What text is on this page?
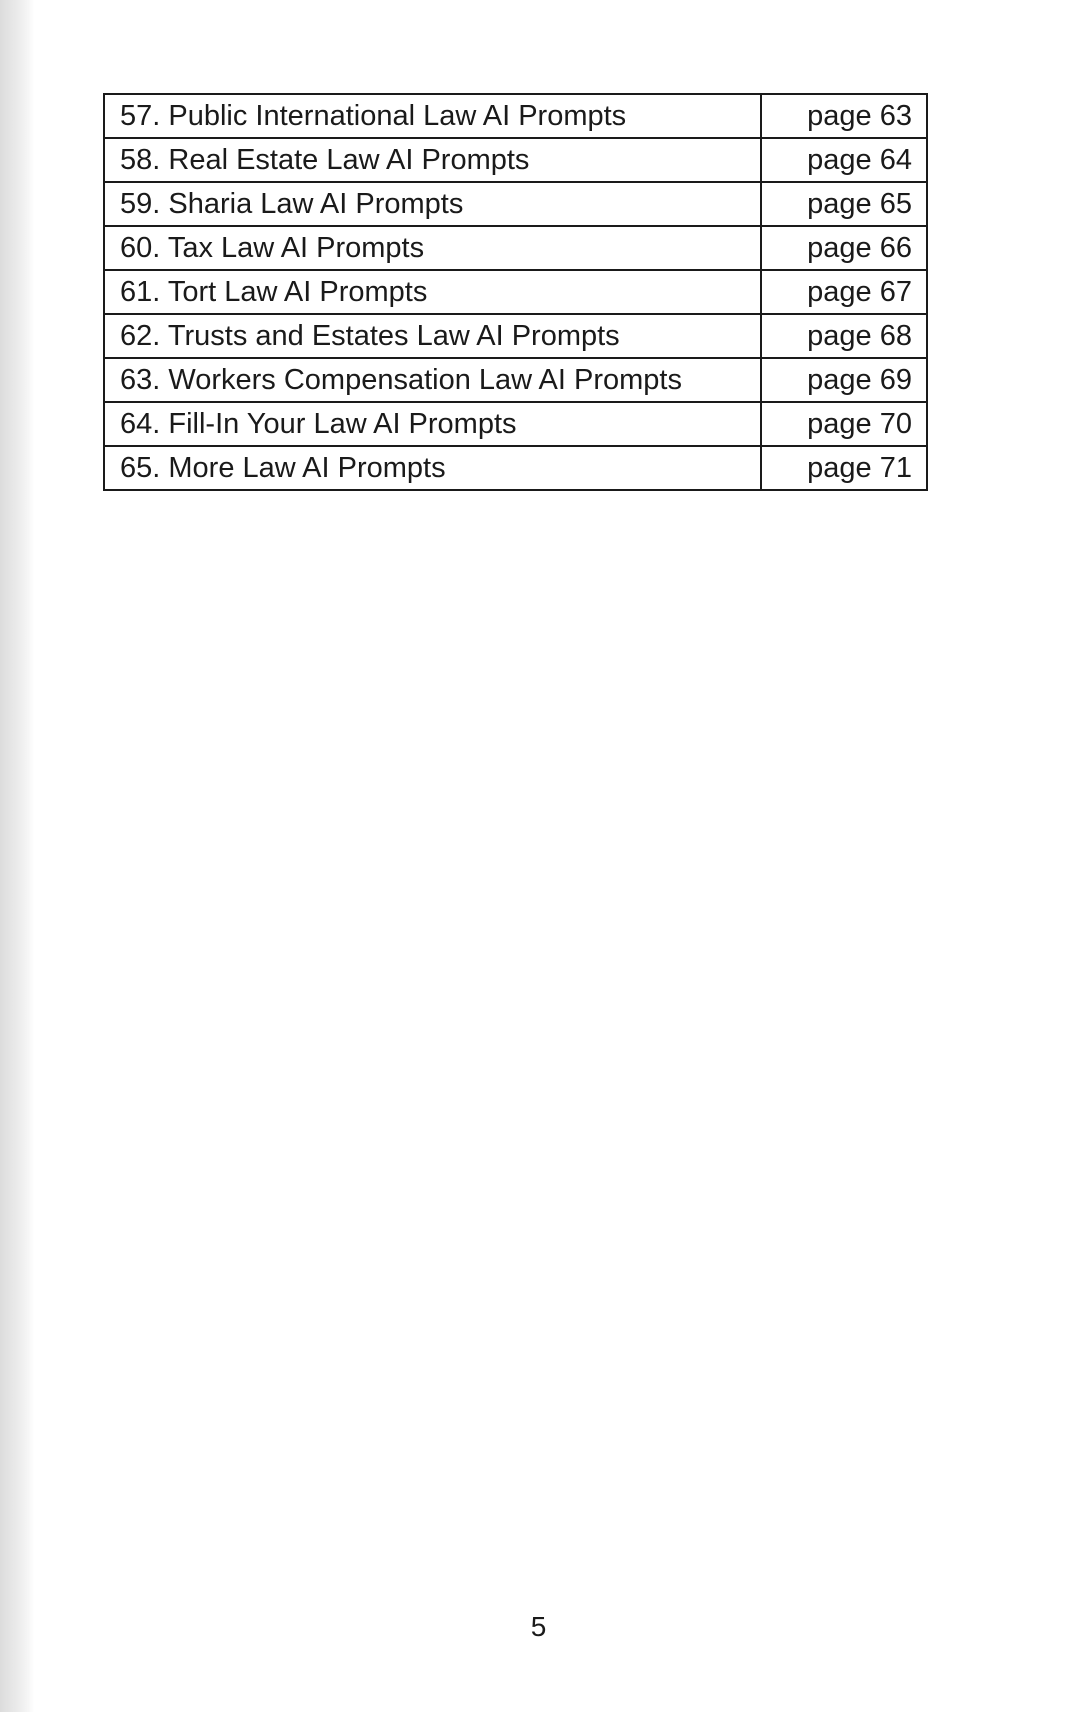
57. Public International Law AI Prompts	page 63
58. Real Estate Law AI Prompts	page 64
59. Sharia Law AI Prompts	page 65
60. Tax Law AI Prompts	page 66
61. Tort Law AI Prompts	page 67
62. Trusts and Estates Law AI Prompts	page 68
63. Workers Compensation Law AI Prompts	page 69
64. Fill-In Your Law AI Prompts	page 70
65. More Law AI Prompts	page 71
5
